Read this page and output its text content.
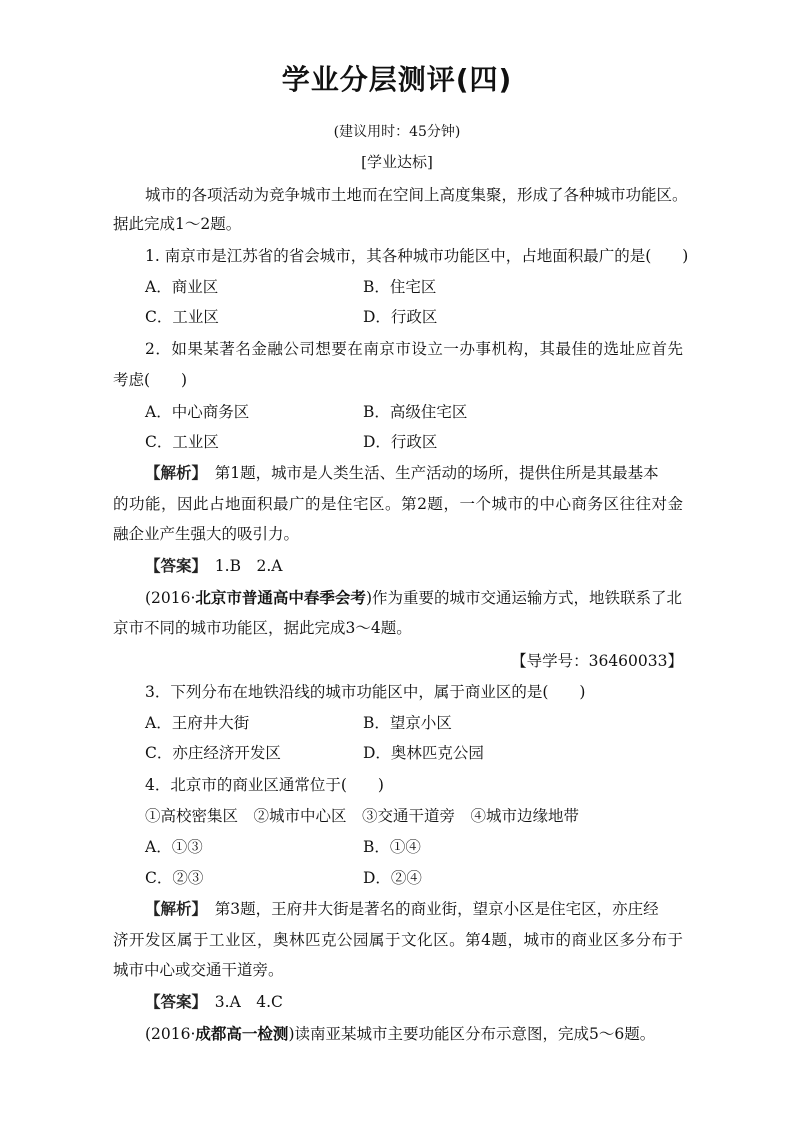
学业分层测评(四)
(建议用时：45分钟)
[学业达标]
城市的各项活动为竞争城市土地而在空间上高度集聚，形成了各种城市功能区。
据此完成1～2题。
1. 南京市是江苏省的省会城市，其各种城市功能区中，占地面积最广的是(　　)
A．商业区	B．住宅区
C．工业区	D．行政区
2．如果某著名金融公司想要在南京市设立一办事机构，其最佳的选址应首先
考虑(　　)
A．中心商务区	B．高级住宅区
C．工业区	D．行政区
【解析】　 第1题，城市是人类生活、生产活动的场所，提供住所是其最基本
的功能，因此占地面积最广的是住宅区。第2题，一个城市的中心商务区往往对金
融企业产生强大的吸引力。
【答案】　 1.B　2.A
(2016·北京市普通高中春季会考)作为重要的城市交通运输方式，地铁联系了北
京市不同的城市功能区，据此完成3～4题。
【导学号：36460033】
3．下列分布在地铁沿线的城市功能区中，属于商业区的是(　　)
A．王府井大街	B．望京小区
C．亦庄经济开发区	D．奥林匹克公园
4．北京市的商业区通常位于(　　)
①高校密集区　②城市中心区　③交通干道旁　④城市边缘地带
A．①③	B．①④
C．②③	D．②④
【解析】　 第3题，王府井大街是著名的商业街，望京小区是住宅区，亦庄经
济开发区属于工业区，奥林匹克公园属于文化区。第4题，城市的商业区多分布于
城市中心或交通干道旁。
【答案】　 3.A　4.C
(2016·成都高一检测)读南亚某城市主要功能区分布示意图，完成5～6题。
